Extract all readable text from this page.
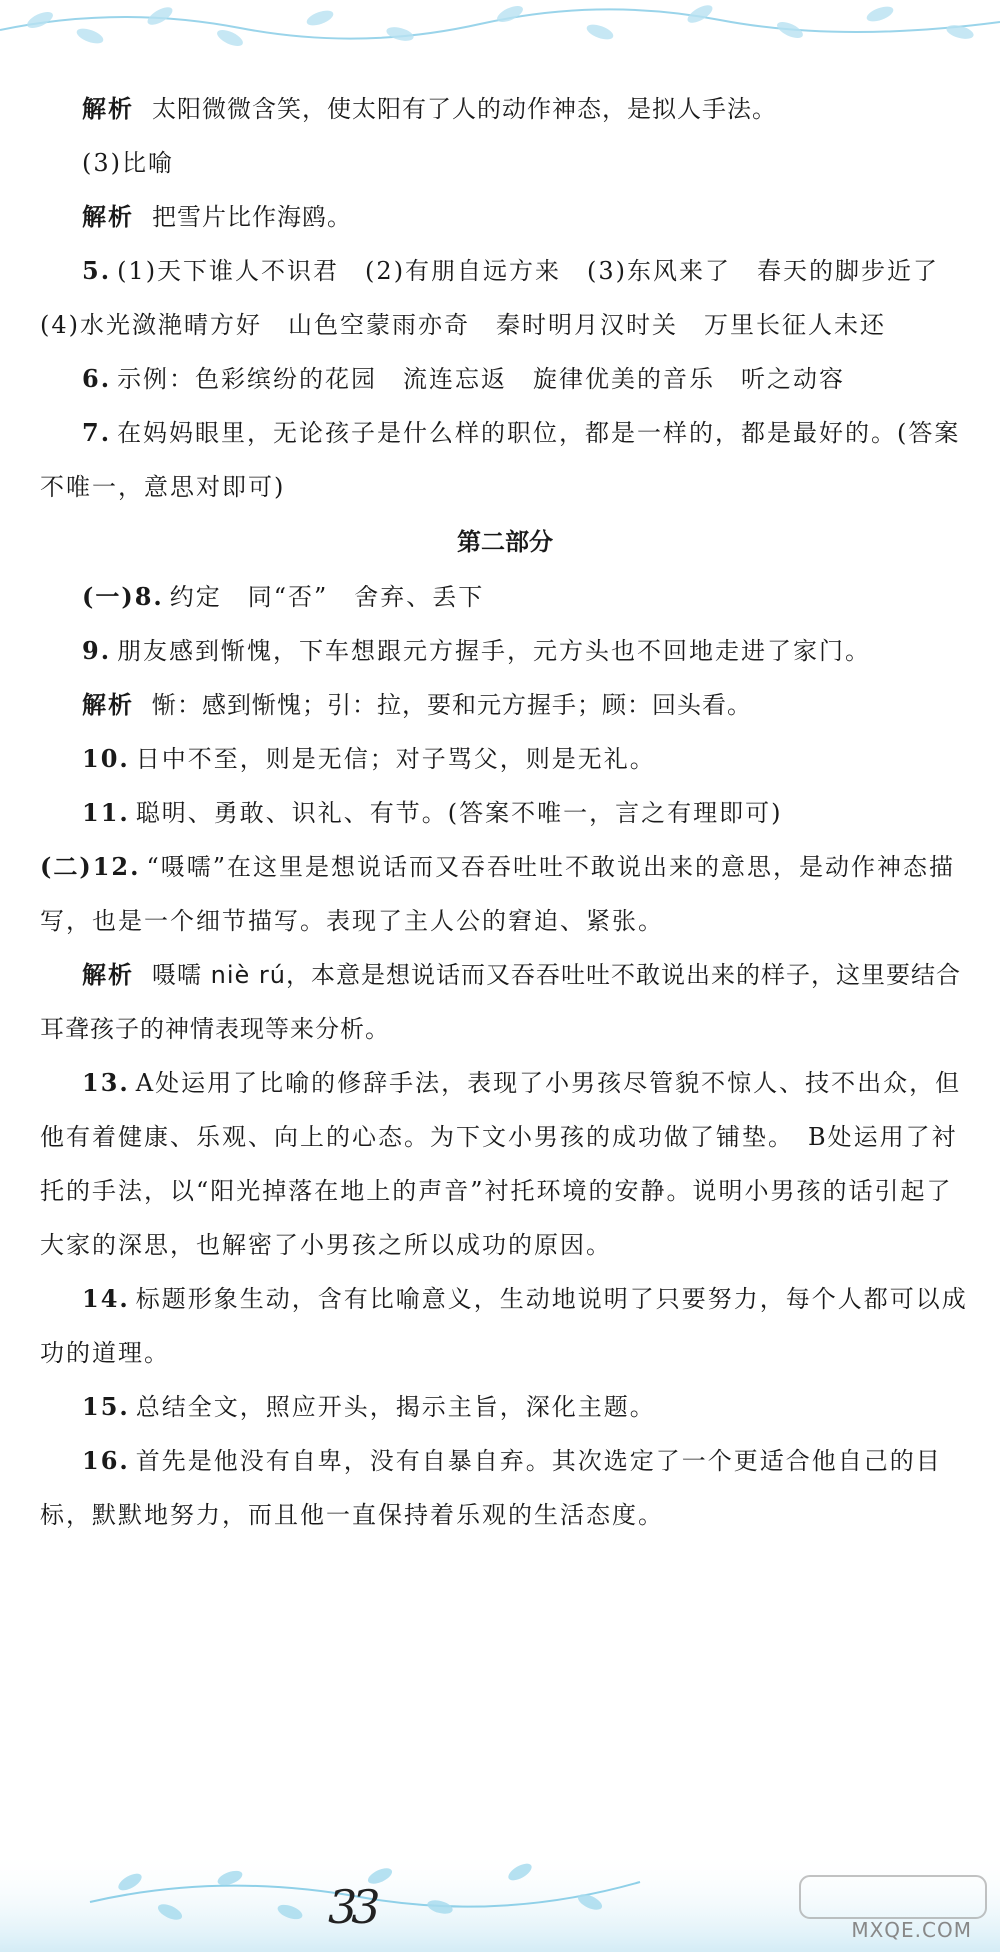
解析 太阳微微含笑，使太阳有了人的动作神态，是拟人手法。

(3)比喻

解析 把雪片比作海鸥。

5. (1)天下谁人不识君　(2)有朋自远方来　(3)东风来了　春天的脚步近了　(4)水光潋滟晴方好　山色空蒙雨亦奇　秦时明月汉时关　万里长征人未还

6. 示例：色彩缤纷的花园　流连忘返　旋律优美的音乐　听之动容

7. 在妈妈眼里，无论孩子是什么样的职位，都是一样的，都是最好的。(答案不唯一，意思对即可)

第二部分

(一)8. 约定　同“否”　舍弃、丢下

9. 朋友感到惭愧，下车想跟元方握手，元方头也不回地走进了家门。

解析 惭：感到惭愧；引：拉，要和元方握手；顾：回头看。

10. 日中不至，则是无信；对子骂父，则是无礼。

11. 聪明、勇敢、识礼、有节。(答案不唯一，言之有理即可)

(二)12. “嗫嚅”在这里是想说话而又吞吞吐吐不敢说出来的意思，是动作神态描写，也是一个细节描写。表现了主人公的窘迫、紧张。

解析 嗫嚅 niè rú，本意是想说话而又吞吞吐吐不敢说出来的样子，这里要结合耳聋孩子的神情表现等来分析。

13. A处运用了比喻的修辞手法，表现了小男孩尽管貌不惊人、技不出众，但他有着健康、乐观、向上的心态。为下文小男孩的成功做了铺垫。　B处运用了衬托的手法，以“阳光掉落在地上的声音”衬托环境的安静。说明小男孩的话引起了大家的深思，也解密了小男孩之所以成功的原因。

14. 标题形象生动，含有比喻意义，生动地说明了只要努力，每个人都可以成功的道理。

15. 总结全文，照应开头，揭示主旨，深化主题。

16. 首先是他没有自卑，没有自暴自弃。其次选定了一个更适合他自己的目标，默默地努力，而且他一直保持着乐观的生活态度。

33	MXQE.COM
